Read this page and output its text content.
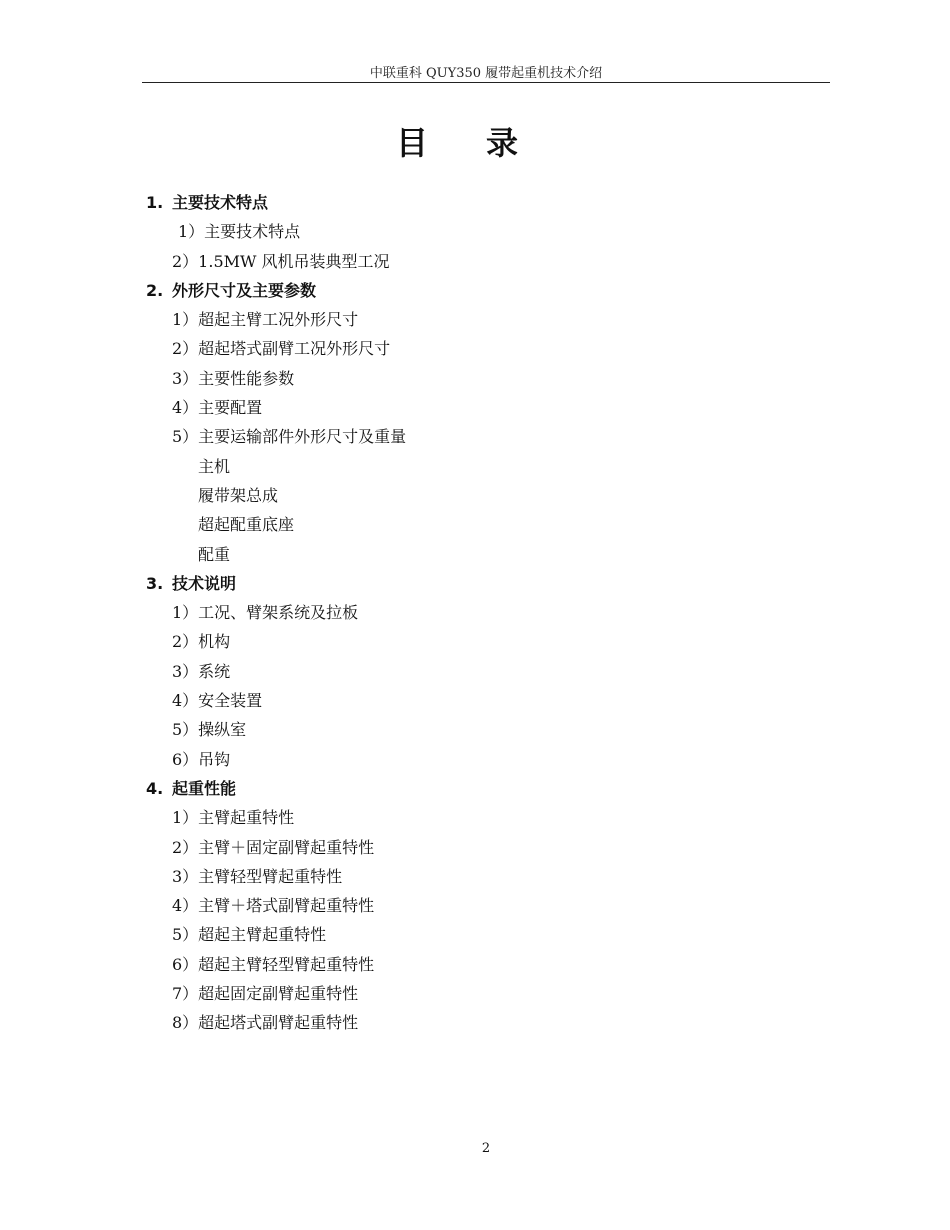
中联重科 QUY350 履带起重机技术介绍
目录
1. 主要技术特点
1）主要技术特点
2）1.5MW 风机吊装典型工况
2. 外形尺寸及主要参数
1）超起主臂工况外形尺寸
2）超起塔式副臂工况外形尺寸
3）主要性能参数
4）主要配置
5）主要运输部件外形尺寸及重量
主机
履带架总成
超起配重底座
配重
3. 技术说明
1）工况、臂架系统及拉板
2）机构
3）系统
4）安全装置
5）操纵室
6）吊钩
4. 起重性能
1）主臂起重特性
2）主臂＋固定副臂起重特性
3）主臂轻型臂起重特性
4）主臂＋塔式副臂起重特性
5）超起主臂起重特性
6）超起主臂轻型臂起重特性
7）超起固定副臂起重特性
8）超起塔式副臂起重特性
2
